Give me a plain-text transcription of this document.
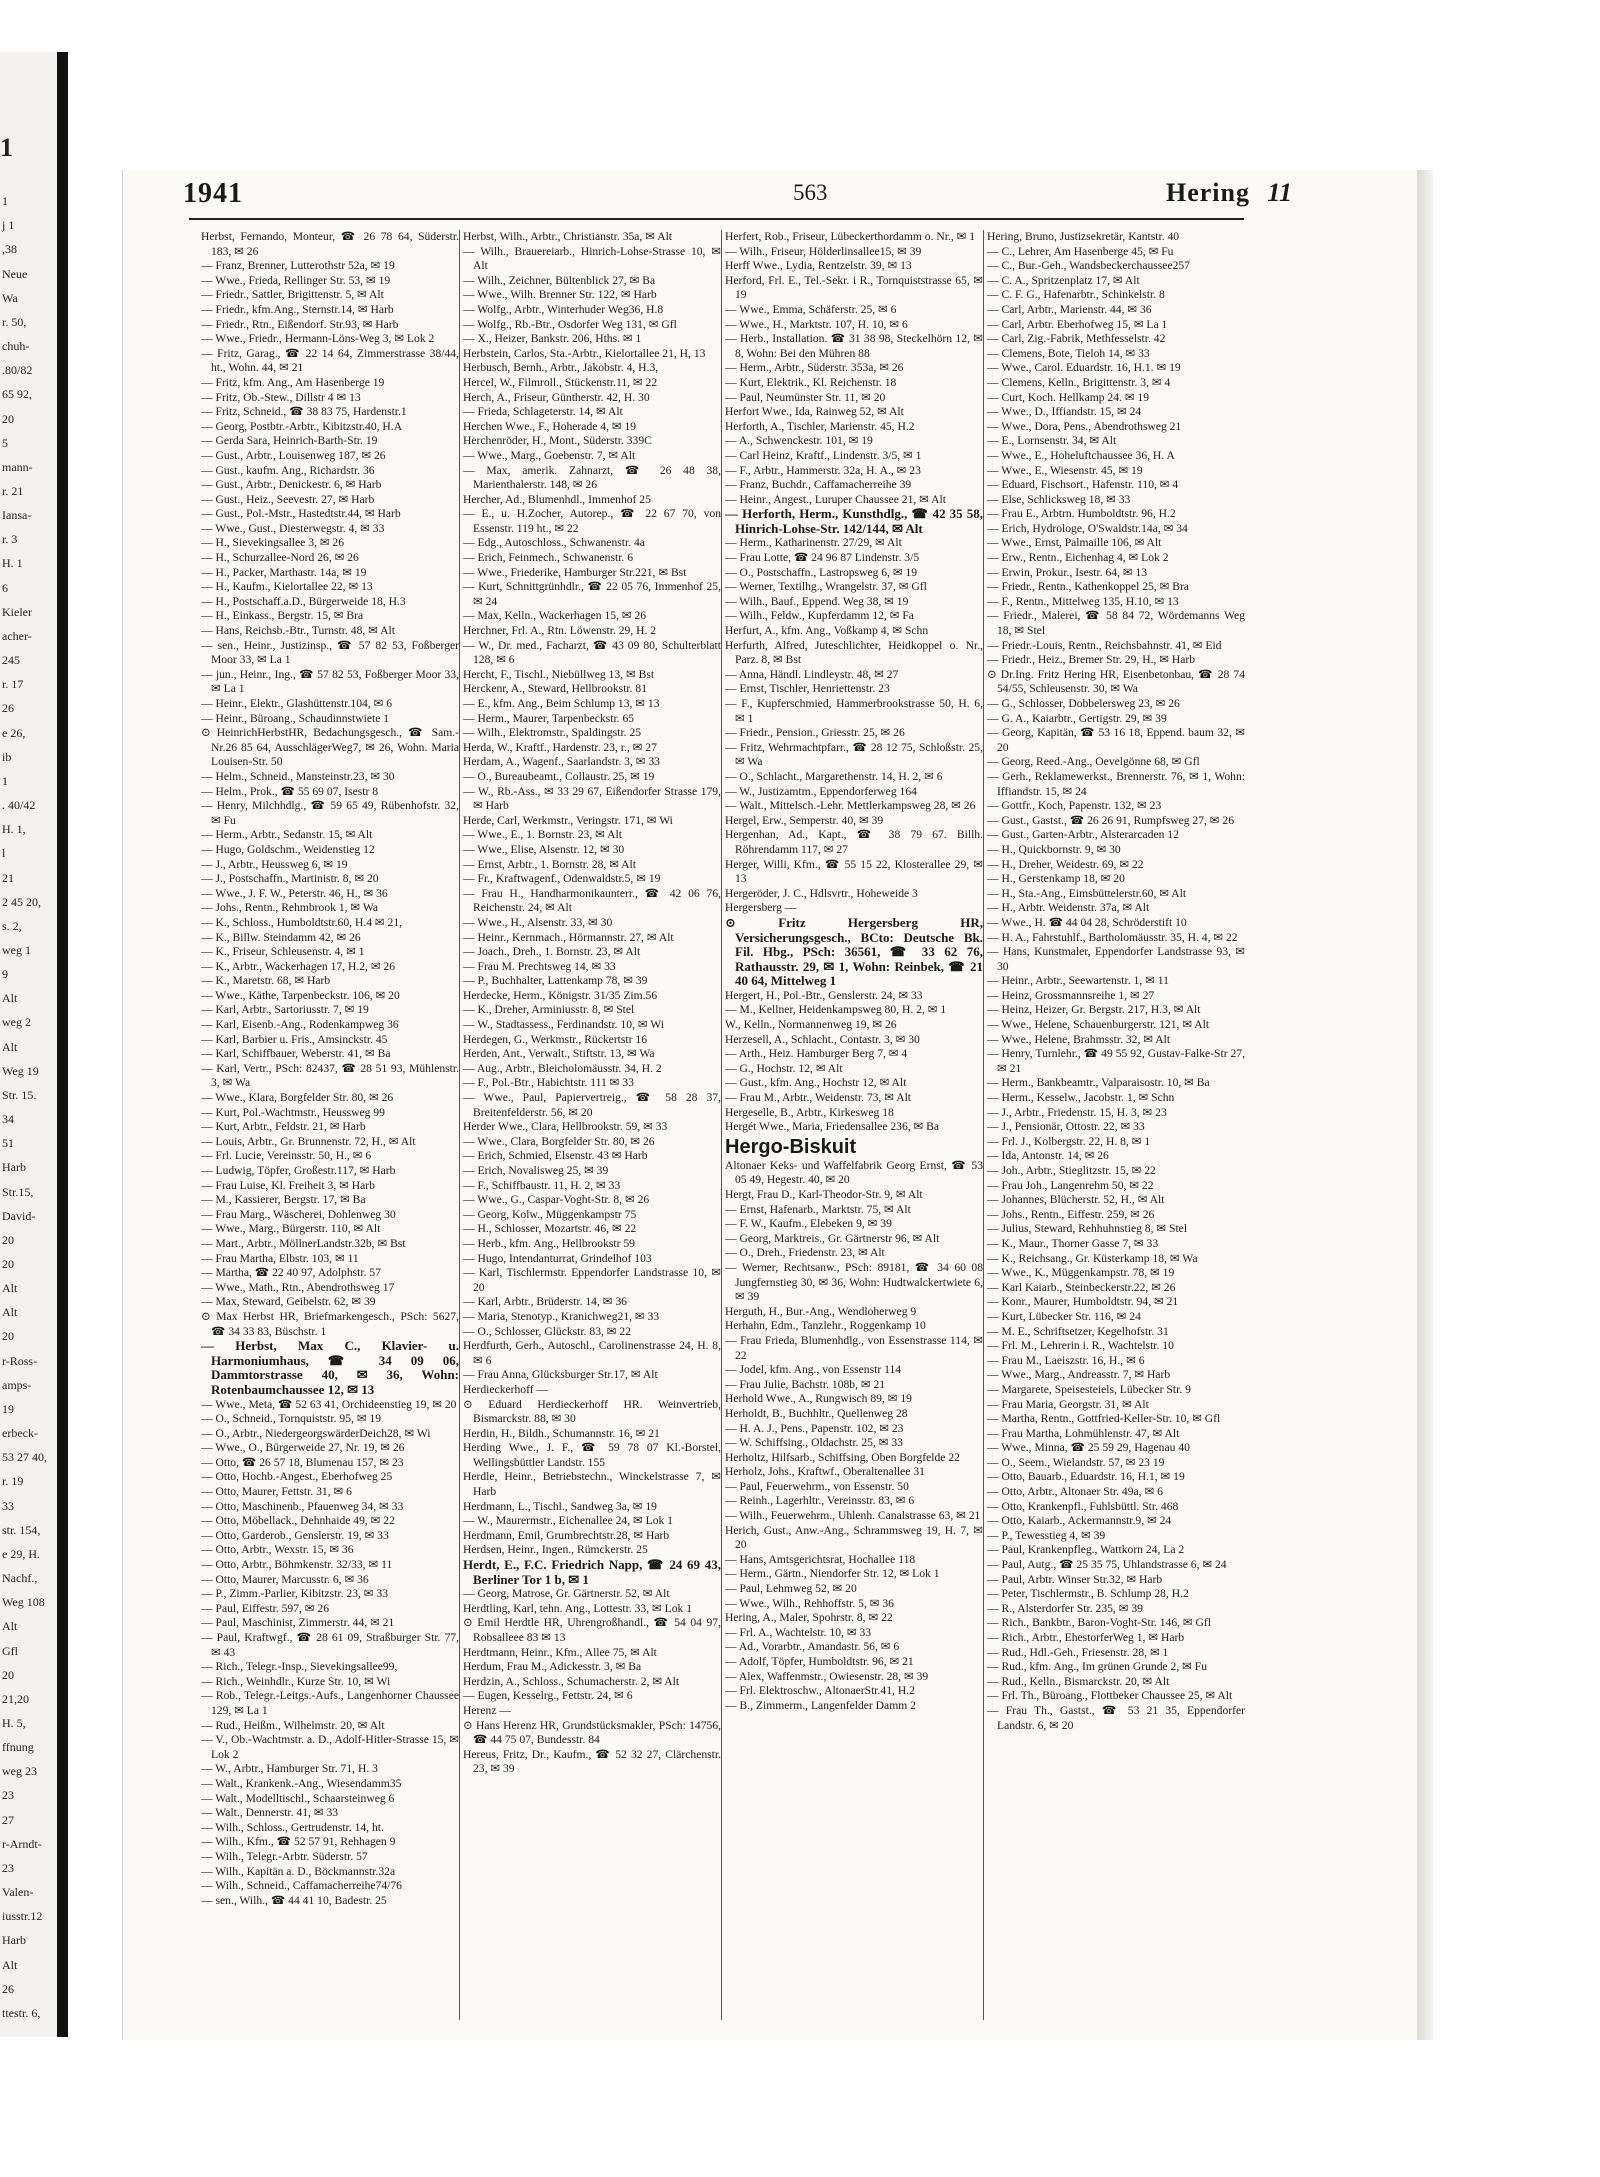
1
1
j 1
,38
Neue
Wa
r. 50,
chuh-
.80/82
65 92,
20
5
mann-
r. 21
Iansa-
r. 3
H. 1
6
Kieler
acher-
245
r. 17
26
e 26,
ib
1
. 40/42
H. 1,
l
21
2 45 20,
s. 2,
weg 1
9
Alt
weg 2
Alt
Weg 19
Str. 15.
34
51
Harb
Str.15,
David-
20
20
Alt
Alt
20
r-Ross-
amps-
19
erbeck-
53 27 40,
r. 19
33
str. 154,
e 29, H.
Nachf.,
Weg 108
Alt
Gfl
20
21,20
H. 5,
ffnung
weg 23
23
27
r-Arndt-
23
Valen-
iusstr.12
Harb
Alt
26
ttestr. 6,
1941	563	Hering 11

Herbst, Fernando, Monteur, ☎ 26 78 64, Süderstr. 183, ✉ 26

— Franz, Brenner, Lutterothstr 52a, ✉ 19

— Wwe., Frieda, Rellinger Str. 53, ✉ 19

— Friedr., Sattler, Brigittenstr. 5, ✉ Alt

— Friedr., kfm.Ang., Sternstr.14, ✉ Harb

— Friedr., Rtn., Eißendorf. Str.93, ✉ Harb

— Wwe., Friedr., Hermann-Löns-Weg 3, ✉ Lok 2

— Fritz, Garag., ☎ 22 14 64, Zimmerstrasse 38/44, ht., Wohn. 44, ✉ 21

— Fritz, kfm. Ang., Am Hasenberge 19

— Fritz, Ob.-Stew., Dillstr 4 ✉ 13

— Fritz, Schneid., ☎ 38 83 75, Hardenstr.1

— Georg, Postbtr.-Arbtr., Kibitzstr.40, H.A

— Gerda Sara, Heinrich-Barth-Str. 19

— Gust., Arbtr., Louisenweg 187, ✉ 26

— Gust., kaufm. Ang., Richardstr. 36

— Gust., Arbtr., Denickestr. 6, ✉ Harb

— Gust., Heiz., Seevestr. 27, ✉ Harb

— Gust., Pol.-Mstr., Hastedtstr.44, ✉ Harb

— Wwe., Gust., Diesterwegstr. 4, ✉ 33

— H., Sievekingsallee 3, ✉ 26

— H., Schurzallee-Nord 26, ✉ 26

— H., Packer, Marthastr. 14a, ✉ 19

— H., Kaufm., Kielortallee 22, ✉ 13

— H., Postschaff.a.D., Bürgerweide 18, H.3

— H., Einkass., Bergstr. 15, ✉ Bra

— Hans, Reichsb.-Btr., Turnstr. 48, ✉ Alt

— sen., Heinr., Justizinsp., ☎ 57 82 53, Foßberger Moor 33, ✉ La 1

— jun., Heinr., Ing., ☎ 57 82 53, Foßberger Moor 33, ✉ La 1

— Heinr., Elektr., Glashüttenstr.104, ✉ 6

— Heinr., Büroang., Schaudinnstwiete 1

⊙ HeinrichHerbstHR, Bedachungsgesch., ☎ Sam.-Nr.26 85 64, AusschlägerWeg7, ✉ 26, Wohn. Maria Louisen-Str. 50

— Helm., Schneid., Mansteinstr.23, ✉ 30

— Helm., Prok., ☎ 55 69 07, Isestr 8

— Henry, Milchhdlg., ☎ 59 65 49, Rübenhofstr. 32, ✉ Fu

— Herm., Arbtr., Sedanstr. 15, ✉ Alt

— Hugo, Goldschm., Weidenstieg 12

— J., Arbtr., Heussweg 6, ✉ 19

— J., Postschaffn., Martinistr. 8, ✉ 20

— Wwe., J. F. W., Peterstr. 46, H., ✉ 36

— Johs., Rentn., Rehmbrook 1, ✉ Wa

— K., Schloss., Humboldtstr.60, H.4 ✉ 21,

— K., Billw. Steindamm 42, ✉ 26

— K., Friseur, Schleusenstr. 4, ✉ 1

— K., Arbtr., Wackerhagen 17, H.2, ✉ 26

— K., Maretstr. 68, ✉ Harb

— Wwe., Käthe, Tarpenbeckstr. 106, ✉ 20

— Karl, Arbtr., Sartoriusstr. 7, ✉ 19

— Karl, Eisenb.-Ang., Rodenkampweg 36

— Karl, Barbier u. Fris., Amsinckstr. 45

— Karl, Schiffbauer, Weberstr. 41, ✉ Ba

— Karl, Vertr., PSch: 82437, ☎ 28 51 93, Mühlenstr. 3, ✉ Wa

— Wwe., Klara, Borgfelder Str. 80, ✉ 26

— Kurt, Pol.-Wachtmstr., Heussweg 99

— Kurt, Arbtr., Feldstr. 21, ✉ Harb

— Louis, Arbtr., Gr. Brunnenstr. 72, H., ✉ Alt

— Frl. Lucie, Vereinsstr. 50, H., ✉ 6

— Ludwig, Töpfer, Großestr.117, ✉ Harb

— Frau Luise, Kl. Freiheit 3, ✉ Harb

— M., Kassierer, Bergstr. 17, ✉ Ba

— Frau Marg., Wäscherei, Dohlenweg 30

— Wwe., Marg., Bürgerstr. 110, ✉ Alt

— Mart., Arbtr., MöllnerLandstr.32b, ✉ Bst

— Frau Martha, Elbstr. 103, ✉ 11

— Martha, ☎ 22 40 97, Adolphstr. 57

— Wwe., Math., Rtn., Abendrothsweg 17

— Max, Steward, Geibelstr. 62, ✉ 39

⊙ Max Herbst HR, Briefmarkengesch., PSch: 5627, ☎ 34 33 83, Büschstr. 1

— Herbst, Max C., Klavier- u. Harmoniumhaus, ☎ 34 09 06, Dammtorstrasse 40, ✉ 36, Wohn: Rotenbaumchaussee 12, ✉ 13

— Wwe., Meta, ☎ 52 63 41, Orchideenstieg 19, ✉ 20

— O., Schneid., Tornquiststr. 95, ✉ 19

— O., Arbtr., NiedergeorgswärderDeich28, ✉ Wi

— Wwe., O., Bürgerweide 27, Nr. 19, ✉ 26

— Otto, ☎ 26 57 18, Blumenau 157, ✉ 23

— Otto, Hochb.-Angest., Eberhofweg 25

— Otto, Maurer, Fettstr. 31, ✉ 6

— Otto, Maschinenb., Pfauenweg 34, ✉ 33

— Otto, Möbellack., Dehnhaide 49, ✉ 22

— Otto, Garderob., Genslerstr. 19, ✉ 33

— Otto, Arbtr., Wexstr. 15, ✉ 36

— Otto, Arbtr., Böhmkenstr. 32/33, ✉ 11

— Otto, Maurer, Marcusstr. 6, ✉ 36

— P., Zimm.-Parlier, Kibitzstr. 23, ✉ 33

— Paul, Eiffestr. 597, ✉ 26

— Paul, Maschinist, Zimmerstr. 44, ✉ 21

— Paul, Kraftwgf., ☎ 28 61 09, Straßburger Str. 77, ✉ 43

— Rich., Telegr.-Insp., Sievekingsallee99,

— Rich., Weinhdlr., Kurze Str. 10, ✉ Wi

— Rob., Telegr.-Leitgs.-Aufs., Langenhorner Chaussee 129, ✉ La 1

— Rud., Heißm., Wilhelmstr. 20, ✉ Alt

— V., Ob.-Wachtmstr. a. D., Adolf-Hitler-Strasse 15, ✉ Lok 2

— W., Arbtr., Hamburger Str. 71, H. 3

— Walt., Krankenk.-Ang., Wiesendamm35

— Walt., Modelltischl., Schaarsteinweg 6

— Walt., Dennerstr. 41, ✉ 33

— Wilh., Schloss., Gertrudenstr. 14, ht.

— Wilh., Kfm., ☎ 52 57 91, Rehhagen 9

— Wilh., Telegr.-Arbtr. Süderstr. 57

— Wilh., Kapitän a. D., Böckmannstr.32a

— Wilh., Schneid., Caffamacherreihe74/76

— sen., Wilh., ☎ 44 41 10, Badestr. 25

Herbst, Wilh., Arbtr., Christianstr. 35a, ✉ Alt

— Wilh., Brauereiarb., Hinrich-Lohse-Strasse 10, ✉ Alt

— Wilh., Zeichner, Bültenblick 27, ✉ Ba

— Wwe., Wilh. Brenner Str. 122, ✉ Harb

— Wolfg., Arbtr., Winterhuder Weg36, H.8

— Wolfg., Rb.-Btr., Osdorfer Weg 131, ✉ Gfl

— X., Heizer, Bankstr. 206, Hths. ✉ 1

Herbstein, Carlos, Sta.-Arbtr., Kielortallee 21, H, 13

Herbusch, Bernh., Arbtr., Jakobstr. 4, H.3,

Hercel, W., Filmroll., Stückenstr.11, ✉ 22

Herch, A., Friseur, Güntherstr. 42, H. 30

— Frieda, Schlageterstr. 14, ✉ Alt

Herchen Wwe., F., Hoherade 4, ✉ 19

Herchenröder, H., Mont., Süderstr. 339C

— Wwe., Marg., Goebenstr. 7, ✉ Alt

— Max, amerik. Zahnarzt, ☎ 26 48 38, Marienthalerstr. 148, ✉ 26

Hercher, Ad., Blumenhdl., Immenhof 25

— E., u. H.Zocher, Autorep., ☎ 22 67 70, von Essenstr. 119 ht., ✉ 22

— Edg., Autoschloss., Schwanenstr. 4a

— Erich, Feinmech., Schwanenstr. 6

— Wwe., Friederike, Hamburger Str.221, ✉ Bst

— Kurt, Schnittgrünhdlr., ☎ 22 05 76, Immenhof 25, ✉ 24

— Max, Kelln., Wackerhagen 15, ✉ 26

Herchner, Frl. A., Rtn. Löwenstr. 29, H. 2

— W., Dr. med., Facharzt, ☎ 43 09 80, Schulterblatt 128, ✉ 6

Hercht, F., Tischl., Niebüllweg 13, ✉ Bst

Herckenr, A., Steward, Hellbrookstr. 81

— E., kfm. Ang., Beim Schlump 13, ✉ 13

— Herm., Maurer, Tarpenbeckstr. 65

— Wilh., Elektromstr., Spaldingstr. 25

Herda, W., Kraftf., Hardenstr. 23, r., ✉ 27

Herdam, A., Wagenf., Saarlandstr. 3, ✉ 33

— O., Bureaubeamt., Collaustr. 25, ✉ 19

— W., Rb.-Ass., ✉ 33 29 67, Eißendorfer Strasse 179, ✉ Harb

Herde, Carl, Werkmstr., Veringstr. 171, ✉ Wi

— Wwe., E., 1. Bornstr. 23, ✉ Alt

— Wwe., Elise, Alsenstr. 12, ✉ 30

— Ernst, Arbtr., 1. Bornstr. 28, ✉ Alt

— Fr., Kraftwagenf., Odenwaldstr.5, ✉ 19

— Frau H., Handharmonikaunterr., ☎ 42 06 76, Reichenstr. 24, ✉ Alt

— Wwe., H., Alsenstr. 33, ✉ 30

— Heinr., Kernmach., Hörmannstr. 27, ✉ Alt

— Joach., Dreh., 1. Bornstr. 23, ✉ Alt

— Frau M. Prechtsweg 14, ✉ 33

— P., Buchhalter, Lattenkamp 78, ✉ 39

Herdecke, Herm., Königstr. 31/35 Zim.56

— K., Dreher, Arminiusstr. 8, ✉ Stel

— W., Stadtassess., Ferdinandstr. 10, ✉ Wi

Herdegen, G., Werkmstr., Rückertstr 16

Herden, Ant., Verwalt., Stiftstr. 13, ✉ Wa

— Aug., Arbtr., Bleicholomäusstr. 34, H. 2

— F., Pol.-Btr., Habichtstr. 111 ✉ 33

— Wwe., Paul, Papiervertreig., ☎ 58 28 37, Breitenfelderstr. 56, ✉ 20

Herder Wwe., Clara, Hellbrookstr. 59, ✉ 33

— Wwe., Clara, Borgfelder Str. 80, ✉ 26

— Erich, Schmied, Elsenstr. 43 ✉ Harb

— Erich, Novalisweg 25, ✉ 39

— F., Schiffbaustr. 11, H. 2, ✉ 33

— Wwe., G., Caspar-Voght-Str. 8, ✉ 26

— Georg, Kolw., Müggenkampstr 75

— H., Schlosser, Mozartstr. 46, ✉ 22

— Herb., kfm. Ang., Hellbrookstr 59

— Hugo, Intendanturrat, Grindelhof 103

— Karl, Tischlermstr. Eppendorfer Landstrasse 10, ✉ 20

— Karl, Arbtr., Brüderstr. 14, ✉ 36

— Maria, Stenotyp., Kranichweg21, ✉ 33

— O., Schlosser, Glückstr. 83, ✉ 22

Herdfurth, Gerh., Autoschl., Carolinenstrasse 24, H. 8, ✉ 6

— Frau Anna, Glücksburger Str.17, ✉ Alt

Herdieckerhoff —

⊙ Eduard Herdieckerhoff HR. Weinvertrieb, Bismarckstr. 88, ✉ 30

Herdin, H., Bildh., Schumannstr. 16, ✉ 21

Herding Wwe., J. F., ☎ 59 78 07 Kl.-Borstel, Wellingsbüttler Landstr. 155

Herdle, Heinr., Betriebstechn., Winckelstrasse 7, ✉ Harb

Herdmann, L., Tischl., Sandweg 3a, ✉ 19

— W., Maurermstr., Eichenallee 24, ✉ Lok 1

Herdmann, Emil, Grumbrechtstr.28, ✉ Harb

Herdsen, Heinr., Ingen., Rümckerstr. 25

Herdt, E., F.C. Friedrich Napp, ☎ 24 69 43, Berliner Tor 1 b, ✉ 1

— Georg, Matrose, Gr. Gärtnerstr. 52, ✉ Alt

Herdtling, Karl, tehn. Ang., Lottestr. 33, ✉ Lok 1

⊙ Emil Herdtle HR, Uhrengroßhandl., ☎ 54 04 97, Robsalleee 83 ✉ 13

Herdtmann, Heinr., Kfm., Allee 75, ✉ Alt

Herdum, Frau M., Adickesstr. 3, ✉ Ba

Herdzin, A., Schloss., Schumacherstr. 2, ✉ Alt

— Eugen, Kesselrg., Fettstr. 24, ✉ 6

Herenz —

⊙ Hans Herenz HR, Grundstücksmakler, PSch: 14756, ☎ 44 75 07, Bundesstr. 84

Hereus, Fritz, Dr., Kaufm., ☎ 52 32 27, Clärchenstr. 23, ✉ 39

Herfert, Rob., Friseur, Lübeckerthordamm o. Nr., ✉ 1

— Wilh., Friseur, Hölderlinsallee15, ✉ 39

Herff Wwe., Lydia, Rentzelstr. 39, ✉ 13

Herford, Frl. E., Tel.-Sekr. i R., Tornquiststrasse 65, ✉ 19

— Wwe., Emma, Schäferstr. 25, ✉ 6

— Wwe., H., Marktstr. 107, H. 10, ✉ 6

— Herb., Installation. ☎ 31 38 98, Steckelhörn 12, ✉ 8, Wohn: Bei den Mühren 88

— Herm., Arbtr., Süderstr. 353a, ✉ 26

— Kurt, Elektrik., Kl. Reichenstr. 18

— Paul, Neumünster Str. 11, ✉ 20

Herfort Wwe., Ida, Rainweg 52, ✉ Alt

Herforth, A., Tischler, Marienstr. 45, H.2

— A., Schwenckestr. 101, ✉ 19

— Carl Heinz, Kraftf., Lindenstr. 3/5, ✉ 1

— F., Arbtr., Hammerstr. 32a, H. A., ✉ 23

— Franz, Buchdr., Caffamacherreihe 39

— Heinr., Angest., Luruper Chaussee 21, ✉ Alt

— Herforth, Herm., Kunsthdlg., ☎ 42 35 58, Hinrich-Lohse-Str. 142/144, ✉ Alt

— Herm., Katharinenstr. 27/29, ✉ Alt

— Frau Lotte, ☎ 24 96 87 Lindenstr. 3/5

— O., Postschaffn., Lastropsweg 6, ✉ 19

— Werner, Textilhg., Wrangelstr. 37, ✉ Gfl

— Wilh., Bauf., Eppend. Weg 38, ✉ 19

— Wilh., Feldw., Kupferdamm 12, ✉ Fa

Herfurt, A., kfm. Ang., Voßkamp 4, ✉ Schn

Herfurth, Alfred, Juteschlichter, Heidkoppel o. Nr., Parz. 8, ✉ Bst

— Anna, Händl. Lindleystr. 48, ✉ 27

— Ernst, Tischler, Henriettenstr. 23

— F., Kupferschmied, Hammerbrookstrasse 50, H. 6, ✉ 1

— Friedr., Pension., Griesstr. 25, ✉ 26

— Fritz, Wehrmachtpfarr., ☎ 28 12 75, Schloßstr. 25, ✉ Wa

— O., Schlacht., Margarethenstr. 14, H. 2, ✉ 6

— W., Justizamtm., Eppendorferweg 164

— Walt., Mittelsch.-Lehr. Mettlerkampsweg 28, ✉ 26

Hergel, Erw., Semperstr. 40, ✉ 39

Hergenhan, Ad., Kapt., ☎ 38 79 67. Billh. Röhrendamm 117, ✉ 27

Herger, Willi, Kfm., ☎ 55 15 22, Klosterallee 29, ✉ 13

Hergeröder, J. C., Hdlsvrtr., Hoheweide 3

Hergersberg —

⊙ Fritz Hergersberg HR, Versicherungsgesch., BCto: Deutsche Bk. Fil. Hbg., PSch: 36561, ☎ 33 62 76, Rathausstr. 29, ✉ 1, Wohn: Reinbek, ☎ 21 40 64, Mittelweg 1

Hergert, H., Pol.-Btr., Genslerstr. 24, ✉ 33

— M., Kellner, Heidenkampsweg 80, H. 2, ✉ 1

W., Kelln., Normannenweg 19, ✉ 26

Herzesell, A., Schlacht., Contastr. 3, ✉ 30

— Arth., Heiz. Hamburger Berg 7, ✉ 4

— G., Hochstr. 12, ✉ Alt

— Gust., kfm. Ang., Hochstr 12, ✉ Alt

— Frau M., Arbtr., Weidenstr. 73, ✉ Alt

Hergeselle, B., Arbtr., Kirkesweg 18

Hergét Wwe., Maria, Friedensallee 236, ✉ Ba

Hergo-Biskuit

Altonaer Keks- und Waffelfabrik Georg Ernst, ☎ 53 05 49, Hegestr. 40, ✉ 20

Hergt, Frau D., Karl-Theodor-Str. 9, ✉ Alt

— Ernst, Hafenarb., Marktstr. 75, ✉ Alt

— F. W., Kaufm., Elebeken 9, ✉ 39

— Georg, Marktreis., Gr. Gärtnerstr 96, ✉ Alt

— O., Dreh., Friedenstr. 23, ✉ Alt

— Werner, Rechtsanw., PSch: 89181, ☎ 34 60 08 Jungfernstieg 30, ✉ 36, Wohn: Hudtwalckertwiete 6, ✉ 39

Herguth, H., Bur.-Ang., Wendloherweg 9

Herhahn, Edm., Tanzlehr., Roggenkamp 10

— Frau Frieda, Blumenhdlg., von Essenstrasse 114, ✉ 22

— Jodel, kfm. Ang., von Essenstr 114

— Frau Julie, Bachstr. 108b, ✉ 21

Herhold Wwe., A., Rungwisch 89, ✉ 19

Herholdt, B., Buchhltr., Quellenweg 28

— H. A. J., Pens., Papenstr. 102, ✉ 23

— W. Schiffsing., Oldachstr. 25, ✉ 33

Herholtz, Hilfsarb., Schiffsing, Oben Borgfelde 22

Herholz, Johs., Kraftwf., Oberaltenallee 31

— Paul, Feuerwehrm., von Essenstr. 50

— Reinh., Lagerhltr., Vereinsstr. 83, ✉ 6

— Wilh., Feuerwehrm., Uhlenh. Canalstrasse 63, ✉ 21

Herich, Gust., Anw.-Ang., Schrammsweg 19, H. 7, ✉ 20

— Hans, Amtsgerichtsrat, Hochallee 118

— Herm., Gärtn., Niendorfer Str. 12, ✉ Lok 1

— Paul, Lehmweg 52, ✉ 20

— Wwe., Wilh., Rehhoffstr. 5, ✉ 36

Hering, A., Maler, Spohrstr. 8, ✉ 22

— Frl. A., Wachtelstr. 10, ✉ 33

— Ad., Vorarbtr., Amandastr. 56, ✉ 6

— Adolf, Töpfer, Humboldtstr. 96, ✉ 21

— Alex, Waffenmstr., Owiesenstr. 28, ✉ 39

— Frl. Elektroschw., AltonaerStr.41, H.2

— B., Zimmerm., Langenfelder Damm 2

Hering, Bruno, Justizsekretär, Kantstr. 40

— C., Lehrer, Am Hasenberge 45, ✉ Fu

— C., Bur.-Geh., Wandsbeckerchaussee257

— C. A., Spritzenplatz 17, ✉ Alt

— C. F. G., Hafenarbtr., Schinkelstr. 8

— Carl, Arbtr., Marienstr. 44, ✉ 36

— Carl, Arbtr. Eberhofweg 15, ✉ La 1

— Carl, Zig.-Fabrik, Methfesselstr. 42

— Clemens, Bote, Tieloh 14, ✉ 33

— Wwe., Carol. Eduardstr. 16, H.1. ✉ 19

— Clemens, Kelln., Brigittenstr. 3, ✉ 4

— Curt, Koch. Hellkamp 24. ✉ 19

— Wwe., D., Iffiandstr. 15, ✉ 24

— Wwe., Dora, Pens., Abendrothsweg 21

— E., Lornsenstr. 34, ✉ Alt

— Wwe., E., Hoheluftchaussee 36, H. A

— Wwe., E., Wiesenstr. 45, ✉ 19

— Eduard, Fischsort., Hafenstr. 110, ✉ 4

— Else, Schlicksweg 18, ✉ 33

— Frau E., Arbtrn. Humboldtstr. 96, H.2

— Erich, Hydrologe, O'Swaldstr.14a, ✉ 34

— Wwe., Ernst, Palmaille 106, ✉ Alt

— Erw., Rentn., Eichenhag 4, ✉ Lok 2

— Erwin, Prokur., Isestr. 64, ✉ 13

— Friedr., Rentn., Kathenkoppel 25, ✉ Bra

— F., Rentn., Mittelweg 135, H.10, ✉ 13

— Friedr., Malerei, ☎ 58 84 72, Wördemanns Weg 18, ✉ Stel

— Friedr.-Louis, Rentn., Reichsbahnstr. 41, ✉ Eid

— Friedr., Heiz., Bremer Str. 29, H., ✉ Harb

⊙ Dr.Ing. Fritz Hering HR, Eisenbetonbau, ☎ 28 74 54/55, Schleusenstr. 30, ✉ Wa

— G., Schlosser, Dobbelersweg 23, ✉ 26

— G. A., Kaiarbtr., Gertigstr. 29, ✉ 39

— Georg, Kapitän, ☎ 53 16 18, Eppend. baum 32, ✉ 20

— Georg, Reed.-Ang., Oevelgönne 68, ✉ Gfl

— Gerh., Reklamewerkst., Brennerstr. 76, ✉ 1, Wohn: Iffiandstr. 15, ✉ 24

— Gottfr., Koch, Papenstr. 132, ✉ 23

— Gust., Gastst., ☎ 26 26 91, Rumpfsweg 27, ✉ 26

— Gust., Garten-Arbtr., Alsterarcaden 12

— H., Quickbornstr. 9, ✉ 30

— H., Dreher, Weidestr. 69, ✉ 22

— H., Gerstenkamp 18, ✉ 20

— H., Sta.-Ang., Eimsbüttelerstr.60, ✉ Alt

— H., Arbtr. Weidenstr. 37a, ✉ Alt

— Wwe., H. ☎ 44 04 28, Schröderstift 10

— H. A., Fahrstuhlf., Bartholomäusstr. 35, H. 4, ✉ 22

— Hans, Kunstmaler, Eppendorfer Landstrasse 93, ✉ 30

— Heinr., Arbtr., Seewartenstr. 1, ✉ 11

— Heinz, Grossmannsreihe 1, ✉ 27

— Heinz, Heizer, Gr. Bergstr. 217, H.3, ✉ Alt

— Wwe., Helene, Schauenburgerstr. 121, ✉ Alt

— Wwe., Helene, Brahmsstr. 32, ✉ Alt

— Henry, Turnlehr., ☎ 49 55 92, Gustav-Falke-Str 27, ✉ 21

— Herm., Bankbeamtr., Valparaisostr. 10, ✉ Ba

— Herm., Kesselw., Jacobstr. 1, ✉ Schn

— J., Arbtr., Friedenstr. 15, H. 3, ✉ 23

— J., Pensionär, Ottostr. 22, ✉ 33

— Frl. J., Kolbergstr. 22, H. 8, ✉ 1

— Ida, Antonstr. 14, ✉ 26

— Joh., Arbtr., Stieglitzstr. 15, ✉ 22

— Frau Joh., Langenrehm 50, ✉ 22

— Johannes, Blücherstr. 52, H., ✉ Alt

— Johs., Rentn., Eiffestr. 259, ✉ 26

— Julius, Steward, Rehhuhnstieg 8, ✉ Stel

— K., Maur., Thorner Gasse 7, ✉ 33

— K., Reichsang., Gr. Küsterkamp 18, ✉ Wa

— Wwe., K., Müggenkampstr. 78, ✉ 19

— Karl Kaiarb., Steinbeckerstr.22, ✉ 26

— Konr., Maurer, Humboldtstr. 94, ✉ 21

— Kurt, Lübecker Str. 116, ✉ 24

— M. E., Schriftsetzer, Kegelhofstr. 31

— Frl. M., Lehrerin i. R., Wachtelstr. 10

— Frau M., Laeiszstr. 16, H., ✉ 6

— Wwe., Marg., Andreasstr. 7, ✉ Harb

— Margarete, Speisesteiels, Lübecker Str. 9

— Frau Maria, Georgstr. 31, ✉ Alt

— Martha, Rentn., Gottfried-Keller-Str. 10, ✉ Gfl

— Frau Martha, Lohmühlenstr. 47, ✉ Alt

— Wwe., Minna, ☎ 25 59 29, Hagenau 40

— O., Seem., Wielandstr. 57, ✉ 23 19

— Otto, Bauarb., Eduardstr. 16, H.1, ✉ 19

— Otto, Arbtr., Altonaer Str. 49a, ✉ 6

— Otto, Krankenpfl., Fuhlsbüttl. Str. 468

— Otto, Kaiarb., Ackermannstr.9, ✉ 24

— P., Tewesstieg 4, ✉ 39

— Paul, Krankenpfleg., Wattkorn 24, La 2

— Paul, Autg., ☎ 25 35 75, Uhlandstrasse 6, ✉ 24

— Paul, Arbtr. Winser Str.32, ✉ Harb

— Peter, Tischlermstr., B. Schlump 28, H.2

— R., Alsterdorfer Str. 235, ✉ 39

— Rich., Bankbtr., Baron-Voght-Str. 146, ✉ Gfl

— Rich., Arbtr., EhestorferWeg 1, ✉ Harb

— Rud., Hdl.-Geh., Friesenstr. 28, ✉ 1

— Rud., kfm. Ang., Im grünen Grunde 2, ✉ Fu

— Rud., Kelln., Bismarckstr. 20, ✉ Alt

— Frl. Th., Büroang., Flottbeker Chaussee 25, ✉ Alt

— Frau Th., Gastst., ☎ 53 21 35, Eppendorfer Landstr. 6, ✉ 20
